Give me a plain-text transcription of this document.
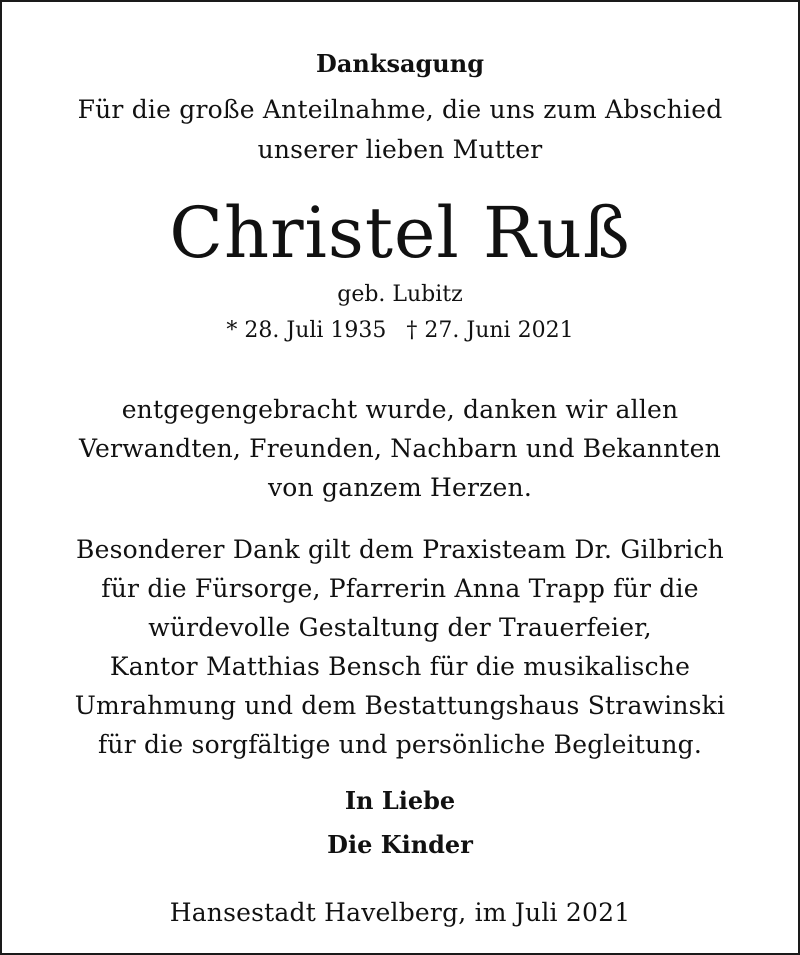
Danksagung
Für die große Anteilnahme, die uns zum Abschied
unserer lieben Mutter
Christel Ruß
geb. Lubitz
* 28. Juli 1935 † 27. Juni 2021
entgegengebracht wurde, danken wir allen
Verwandten, Freunden, Nachbarn und Bekannten
von ganzem Herzen.
Besonderer Dank gilt dem Praxisteam Dr. Gilbrich
für die Fürsorge, Pfarrerin Anna Trapp für die
würdevolle Gestaltung der Trauerfeier,
Kantor Matthias Bensch für die musikalische
Umrahmung und dem Bestattungshaus Strawinski
für die sorgfältige und persönliche Begleitung.
In Liebe
Die Kinder
Hansestadt Havelberg, im Juli 2021
